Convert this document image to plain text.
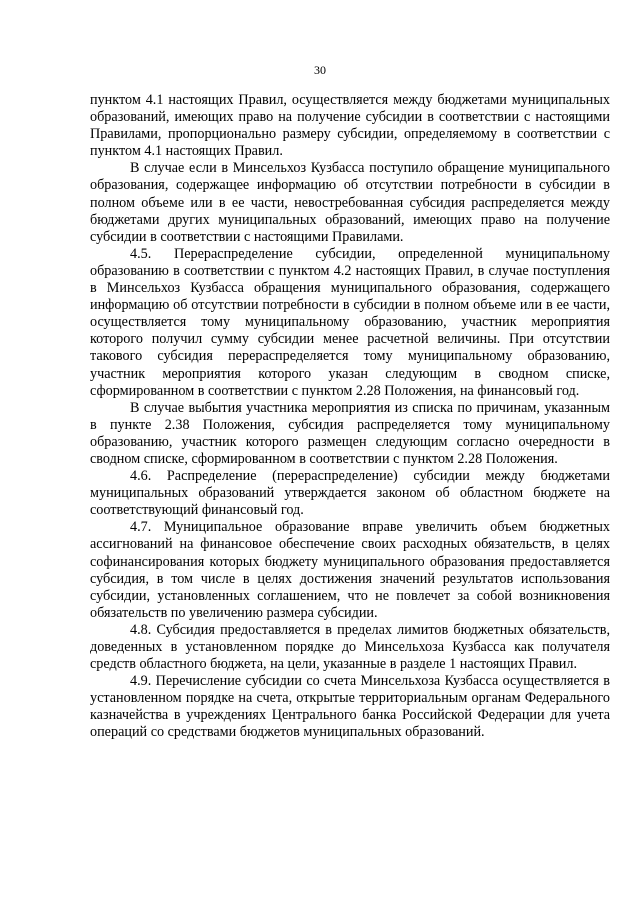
30

пунктом 4.1 настоящих Правил, осуществляется между бюджетами муниципальных образований, имеющих право на получение субсидии в соответствии с настоящими Правилами, пропорционально размеру субсидии, определяемому в соответствии с пунктом 4.1 настоящих Правил.

В случае если в Минсельхоз Кузбасса поступило обращение муниципального образования, содержащее информацию об отсутствии потребности в субсидии в полном объеме или в ее части, невостребованная субсидия распределяется между бюджетами других муниципальных образований, имеющих право на получение субсидии в соответствии с настоящими Правилами.

4.5. Перераспределение субсидии, определенной муниципальному образованию в соответствии с пунктом 4.2 настоящих Правил, в случае поступления в Минсельхоз Кузбасса обращения муниципального образования, содержащего информацию об отсутствии потребности в субсидии в полном объеме или в ее части, осуществляется тому муниципальному образованию, участник мероприятия которого получил сумму субсидии менее расчетной величины. При отсутствии такового субсидия перераспределяется тому муниципальному образованию, участник мероприятия которого указан следующим в сводном списке, сформированном в соответствии с пунктом 2.28 Положения, на финансовый год.

В случае выбытия участника мероприятия из списка по причинам, указанным в пункте 2.38 Положения, субсидия распределяется тому муниципальному образованию, участник которого размещен следующим согласно очередности в сводном списке, сформированном в соответствии с пунктом 2.28 Положения.

4.6. Распределение (перераспределение) субсидии между бюджетами муниципальных образований утверждается законом об областном бюджете на соответствующий финансовый год.

4.7. Муниципальное образование вправе увеличить объем бюджетных ассигнований на финансовое обеспечение своих расходных обязательств, в целях софинансирования которых бюджету муниципального образования предоставляется субсидия, в том числе в целях достижения значений результатов использования субсидии, установленных соглашением, что не повлечет за собой возникновения обязательств по увеличению размера субсидии.

4.8. Субсидия предоставляется в пределах лимитов бюджетных обязательств, доведенных в установленном порядке до Минсельхоза Кузбасса как получателя средств областного бюджета, на цели, указанные в разделе 1 настоящих Правил.

4.9. Перечисление субсидии со счета Минсельхоза Кузбасса осуществляется в установленном порядке на счета, открытые территориальным органам Федерального казначейства в учреждениях Центрального банка Российской Федерации для учета операций со средствами бюджетов муниципальных образований.
